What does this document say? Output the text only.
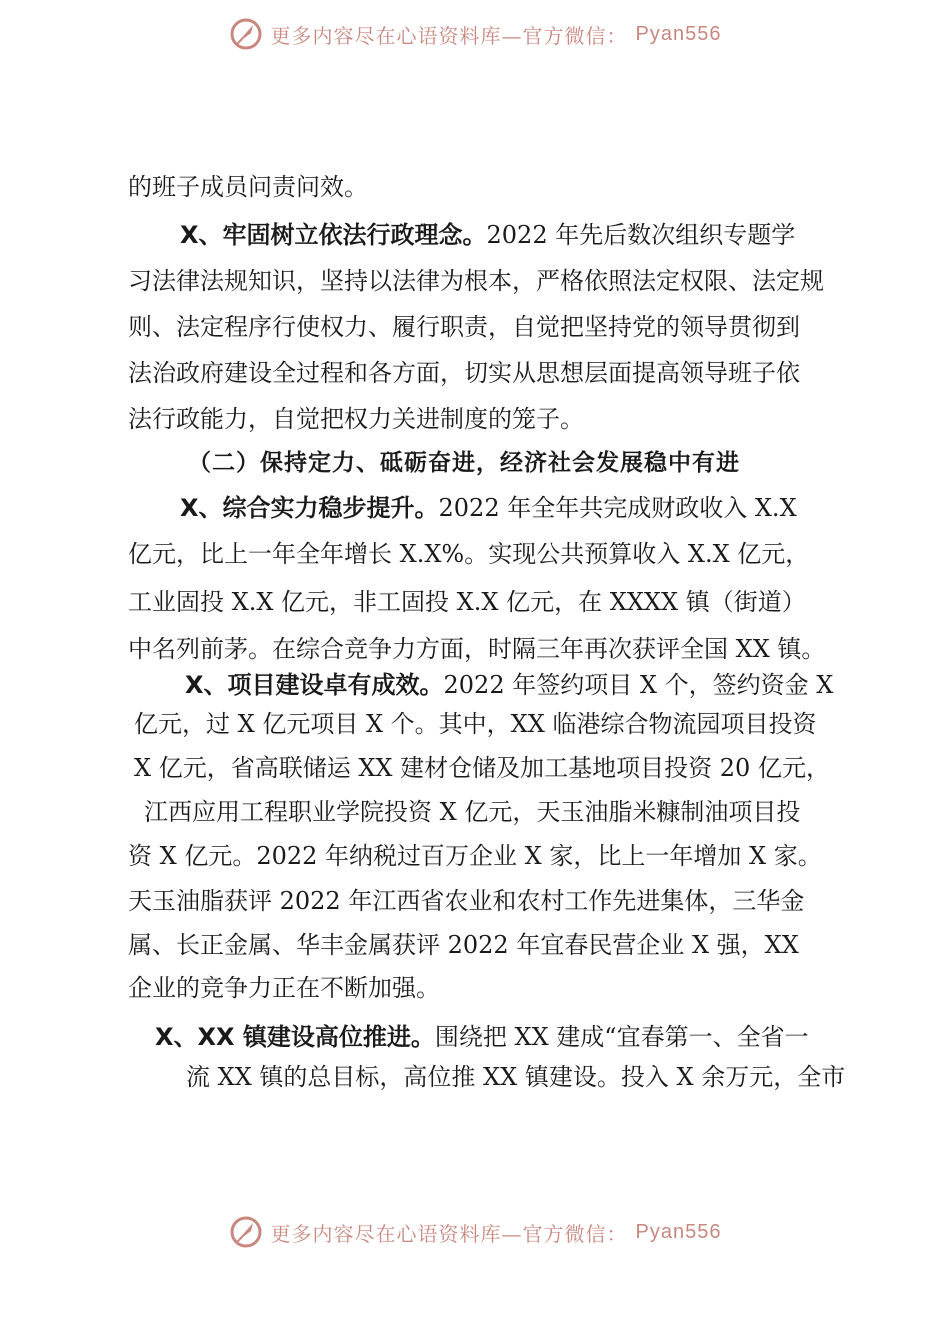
更多内容尽在心语资料库—官方微信： Pyan556
的班子成员问责问效。
X、牢固树立依法行政理念。2022 年先后数次组织专题学
习法律法规知识，坚持以法律为根本，严格依照法定权限、法定规
则、法定程序行使权力、履行职责，自觉把坚持党的领导贯彻到
法治政府建设全过程和各方面，切实从思想层面提高领导班子依
法行政能力，自觉把权力关进制度的笼子。
（二）保持定力、砥砺奋进，经济社会发展稳中有进
X、综合实力稳步提升。2022 年全年共完成财政收入 X.X
亿元，比上一年全年增长 X.X%。实现公共预算收入 X.X 亿元，
工业固投 X.X 亿元，非工固投 X.X 亿元，在 XXXX 镇（街道）
中名列前茅。在综合竞争力方面，时隔三年再次获评全国 XX 镇。
X、项目建设卓有成效。2022 年签约项目 X 个，签约资金 X
亿元，过 X 亿元项目 X 个。其中，XX 临港综合物流园项目投资
X 亿元，省高联储运 XX 建材仓储及加工基地项目投资 20 亿元，
江西应用工程职业学院投资 X 亿元，天玉油脂米糠制油项目投
资 X 亿元。2022 年纳税过百万企业 X 家，比上一年增加 X 家。
天玉油脂获评 2022 年江西省农业和农村工作先进集体，三华金
属、长正金属、华丰金属获评 2022 年宜春民营企业 X 强，XX
企业的竞争力正在不断加强。
X、XX 镇建设高位推进。围绕把 XX 建成“宜春第一、全省一
流 XX 镇的总目标，高位推 XX 镇建设。投入 X 余万元，全市
更多内容尽在心语资料库—官方微信： Pyan556
